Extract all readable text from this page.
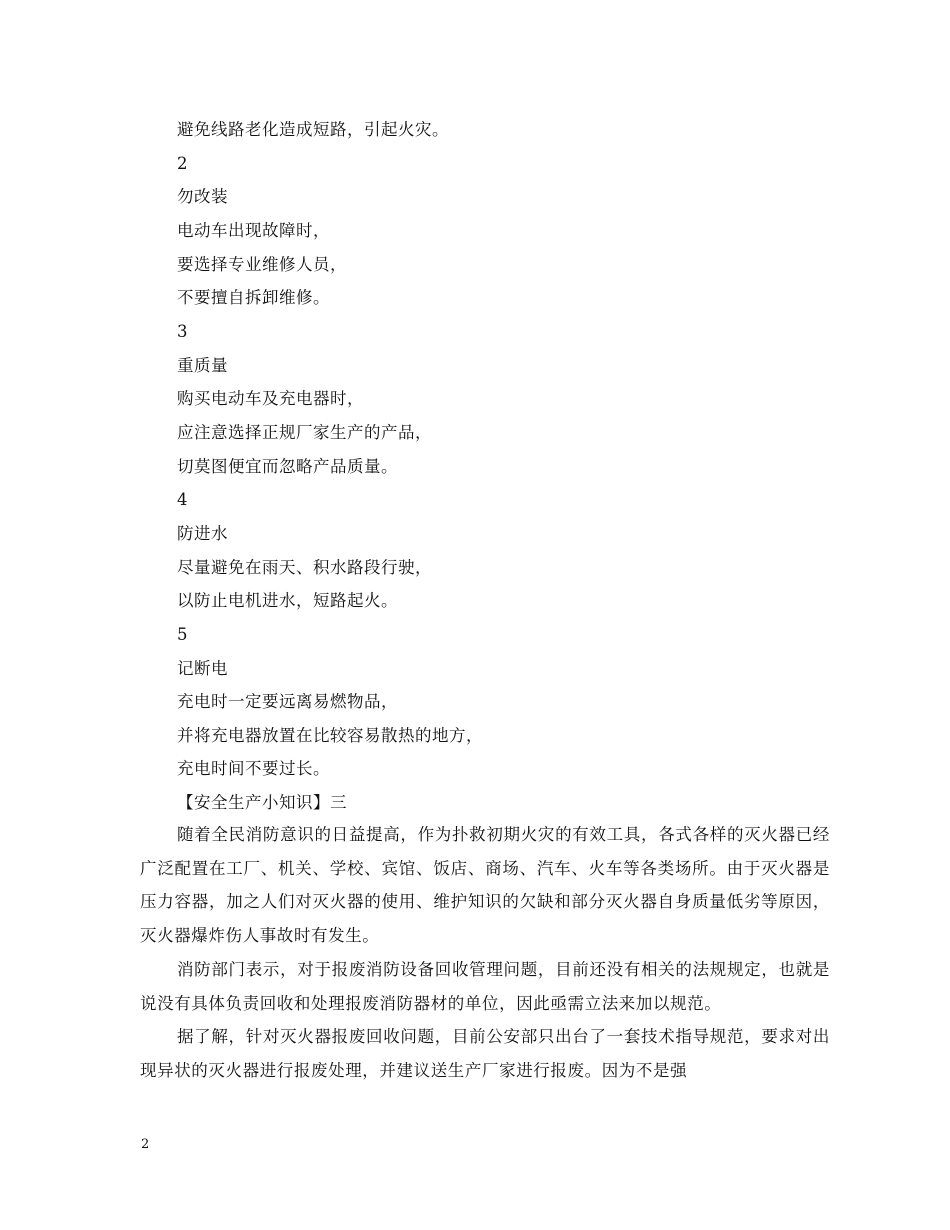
避免线路老化造成短路，引起火灾。
2
勿改装
电动车出现故障时，
要选择专业维修人员，
不要擅自拆卸维修。
3
重质量
购买电动车及充电器时，
应注意选择正规厂家生产的产品，
切莫图便宜而忽略产品质量。
4
防进水
尽量避免在雨天、积水路段行驶，
以防止电机进水，短路起火。
5
记断电
充电时一定要远离易燃物品，
并将充电器放置在比较容易散热的地方，
充电时间不要过长。
【安全生产小知识】三
随着全民消防意识的日益提高，作为扑救初期火灾的有效工具，各式各样的灭火器已经广泛配置在工厂、机关、学校、宾馆、饭店、商场、汽车、火车等各类场所。由于灭火器是压力容器，加之人们对灭火器的使用、维护知识的欠缺和部分灭火器自身质量低劣等原因，灭火器爆炸伤人事故时有发生。
消防部门表示，对于报废消防设备回收管理问题，目前还没有相关的法规规定，也就是说没有具体负责回收和处理报废消防器材的单位，因此亟需立法来加以规范。
据了解，针对灭火器报废回收问题，目前公安部只出台了一套技术指导规范，要求对出现异状的灭火器进行报废处理，并建议送生产厂家进行报废。因为不是强
2
